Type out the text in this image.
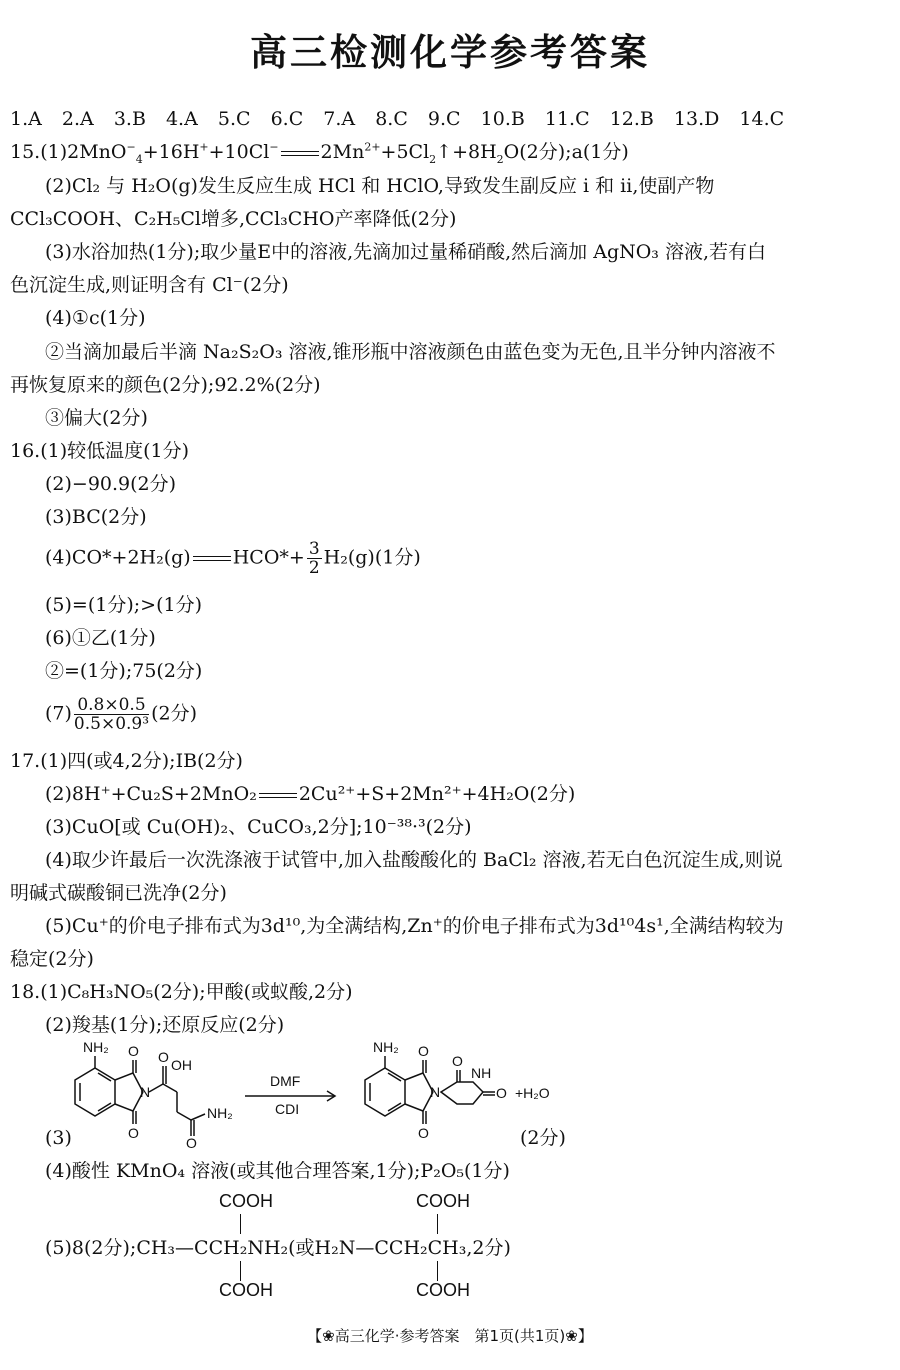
高三检测化学参考答案
1.A 2.A 3.B 4.A 5.C 6.C 7.A 8.C 9.C 10.B 11.C 12.B 13.D 14.C
15.(1)2MnO−$_4$+16H++10Cl− $2Mn^{2+}+5Cl_2↑+8H_2O(2$分);a(1分)
(2)Cl₂ 与 H₂O(g)发生反应生成 HCl 和 HClO,导致发生副反应 ⅰ 和 ⅱ,使副产物
CCl₃COOH、C₂H₅Cl增多,CCl₃CHO产率降低(2分)
(3)水浴加热(1分);取少量E中的溶液,先滴加过量稀硝酸,然后滴加 AgNO₃ 溶液,若有白
色沉淀生成,则证明含有 Cl⁻(2分)
(4)①c(1分)
②当滴加最后半滴 Na₂S₂O₃ 溶液,锥形瓶中溶液颜色由蓝色变为无色,且半分钟内溶液不
再恢复原来的颜色(2分);92.2%(2分)
③偏大(2分)
16.(1)较低温度(1分)
(2)−90.9(2分)
(3)BC(2分)
(4)CO*+2H₂(g) $HCO*+ \frac{3}{2} H_2(g)(1$分)
(5)=(1分);>(1分)
(6)①乙(1分)
②=(1分);75(2分)
$(7) \frac{0.8\times 0.5}{\text{0.5×0.9³}} (2$分)
17.(1)四(或4,2分);ⅠB(2分)
(2)8H⁺+Cu₂S+2MnO₂ 2Cu²⁺+S+2Mn²⁺+4H₂O(2分)
(3)CuO[或 Cu(OH)₂、CuCO₃,2分];10⁻³⁸·³(2分)
(4)取少许最后一次洗涤液于试管中,加入盐酸酸化的 BaCl₂ 溶液,若无白色沉淀生成,则说
明碱式碳酸铜已洗净(2分)
(5)Cu⁺的价电子排布式为3d¹⁰,为全满结构,Zn⁺的价电子排布式为3d¹⁰4s¹,全满结构较为
稳定(2分)
18.(1)C₈H₃NO₅(2分);甲酸(或蚁酸,2分)
(2)羧基(1分);还原反应(2分)
NH₂ O
O
N
O OH
O
NH₂
DMF
CDI
NH₂ O
O
N
O
NH
O +H₂O
(3)	(2分)
(4)酸性 KMnO₄ 溶液(或其他合理答案,1分);P₂O₅(1分)
COOH	COOH
(5)8(2分);CH₃—CCH₂NH₂(或H₂N—CCH₂CH₃,2分)
COOH	COOH
【❀高三化学·参考答案　第1页(共1页)❀】
